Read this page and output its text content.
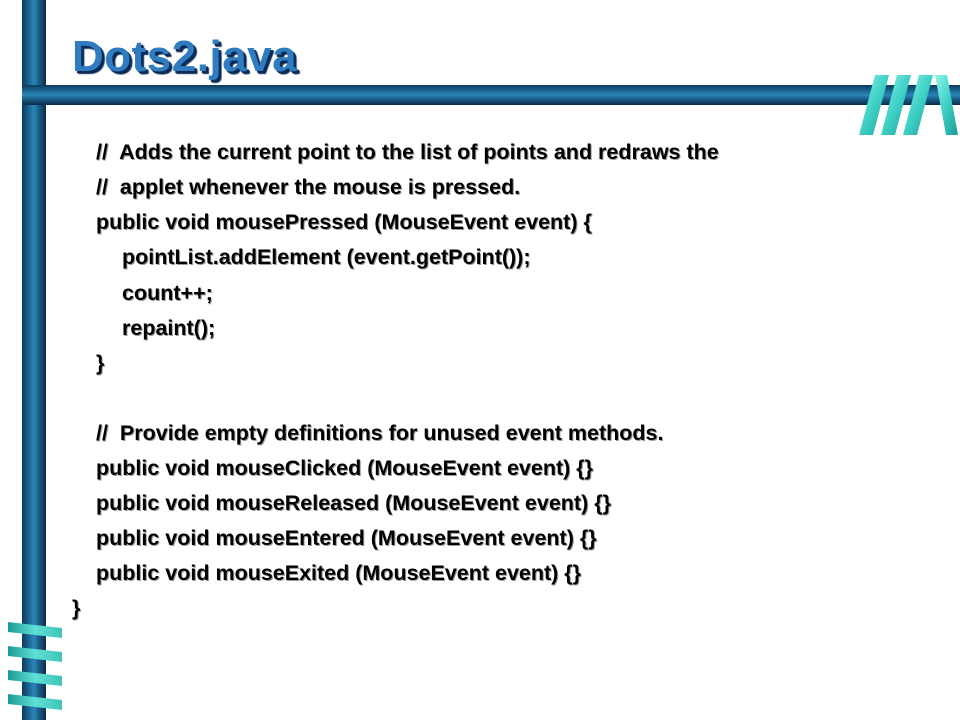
Dots2.java
//  Adds the current point to the list of points and redraws the
//  applet whenever the mouse is pressed.
public void mousePressed (MouseEvent event) {
pointList.addElement (event.getPoint());
count++;
repaint();
}
//  Provide empty definitions for unused event methods.
public void mouseClicked (MouseEvent event) {}
public void mouseReleased (MouseEvent event) {}
public void mouseEntered (MouseEvent event) {}
public void mouseExited (MouseEvent event) {}
}
